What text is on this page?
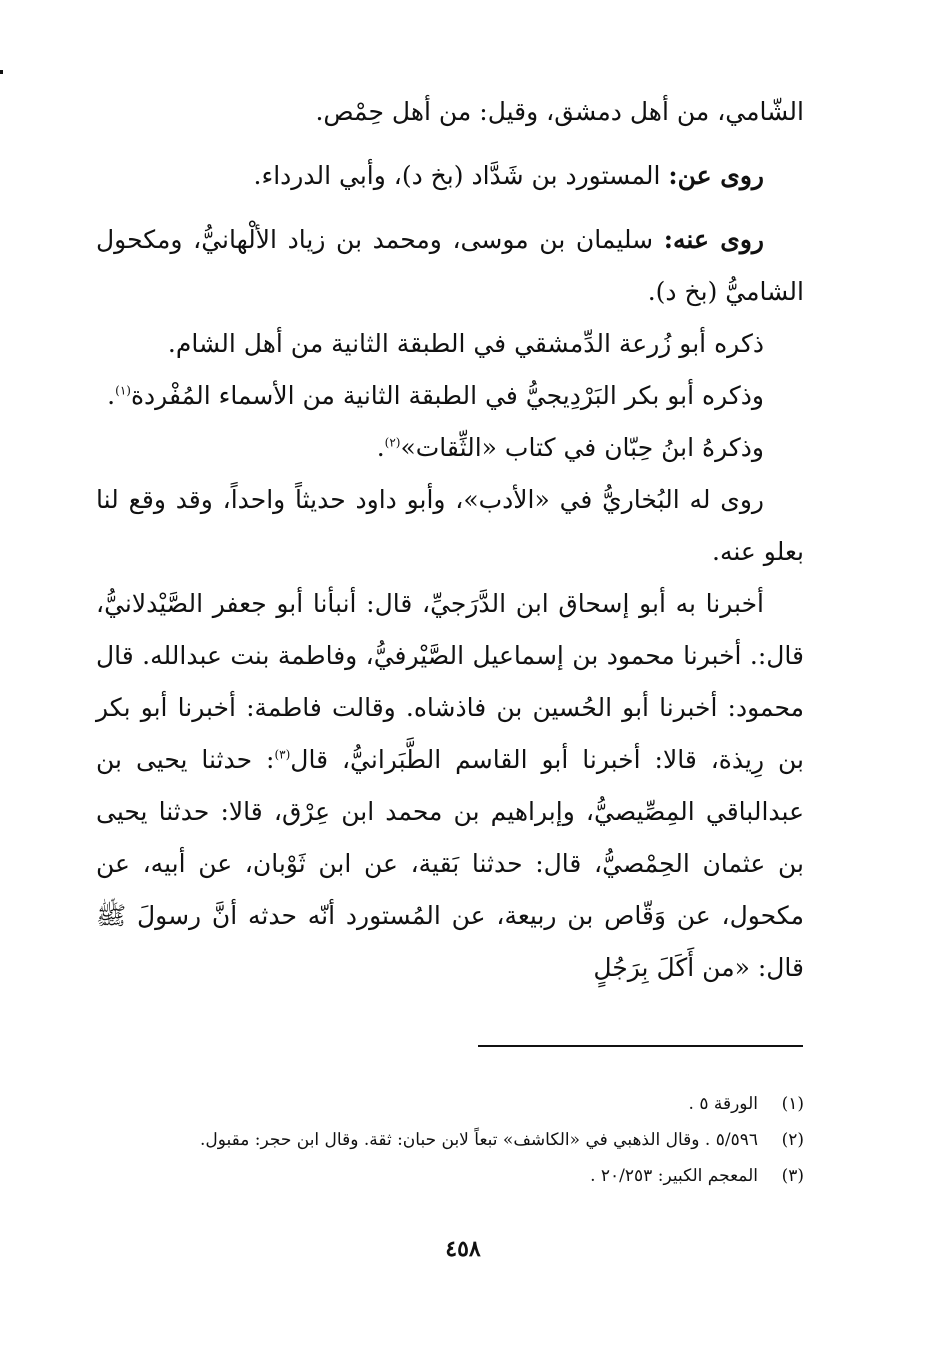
الشّامي، من أهل دمشق، وقيل: من أهل حِمْص.

روى عن: المستورد بن شَدَّاد (بخ د)، وأبي الدرداء.

روى عنه: سليمان بن موسى، ومحمد بن زياد الألْهانيُّ، ومكحول الشاميُّ (بخ د).

ذكره أبو زُرعة الدِّمشقي في الطبقة الثانية من أهل الشام.

وذكره أبو بكر البَرْدِيجيُّ في الطبقة الثانية من الأسماء المُفْردة$^{(١)}$.

وذكرهُ ابنُ حِبّان في كتاب «الثِّقات»$^{(٢)}$.

روى له البُخاريُّ في «الأدب»، وأبو داود حديثاً واحداً، وقد وقع لنا بعلو عنه.

أخبرنا به أبو إسحاق ابن الدَّرَجيِّ، قال: أنبأنا أبو جعفر الصَّيْدلانيُّ، قال:. أخبرنا محمود بن إسماعيل الصَّيْرفيُّ، وفاطمة بنت عبدالله. قال محمود: أخبرنا أبو الحُسين بن فاذشاه. وقالت فاطمة: أخبرنا أبو بكر بن رِيذة، قالا: أخبرنا أبو القاسم الطَّبَرانيُّ، قال$^{(٣)}$: حدثنا يحيى بن عبدالباقي المِصِّيصيُّ، وإبراهيم بن محمد ابن عِرْق، قالا: حدثنا يحيى بن عثمان الحِمْصيُّ، قال: حدثنا بَقية، عن ابن ثَوْبان، عن أبيه، عن مكحول، عن وَقّاص بن ربيعة، عن المُستورد أنّه حدثه أنَّ رسولَ ﷺ قال: «من أَكَلَ بِرَجُلٍ

(١)
الورقة ٥ .
(٢)
٥/٥٩٦ . وقال الذهبي في «الكاشف» تبعاً لابن حبان: ثقة. وقال ابن حجر: مقبول.
(٣)
المعجم الكبير: ٢٠/٢٥٣ .
٤٥٨
